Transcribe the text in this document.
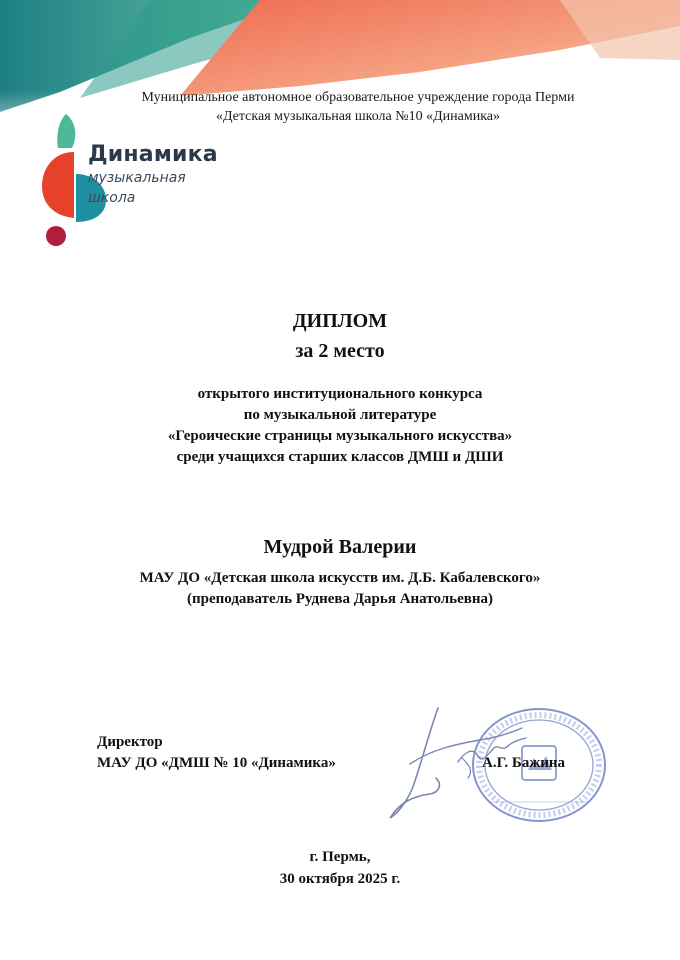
Муниципальное автономное образовательное учреждение города Перми
«Детская музыкальная школа №10 «Динамика»
Динамика
музыкальная
школа
ДИПЛОМ
за 2 место
открытого институционального конкурса
по музыкальной литературе
«Героические страницы музыкального искусства»
среди учащихся старших классов ДМШ и ДШИ
Мудрой Валерии
МАУ ДО «Детская школа искусств им. Д.Б. Кабалевского»
(преподаватель Руднева Дарья Анатольевна)
Директор
МАУ ДО «ДМШ № 10 «Динамика»	А.Г. Бажина
г. Пермь,
30 октября 2025 г.
